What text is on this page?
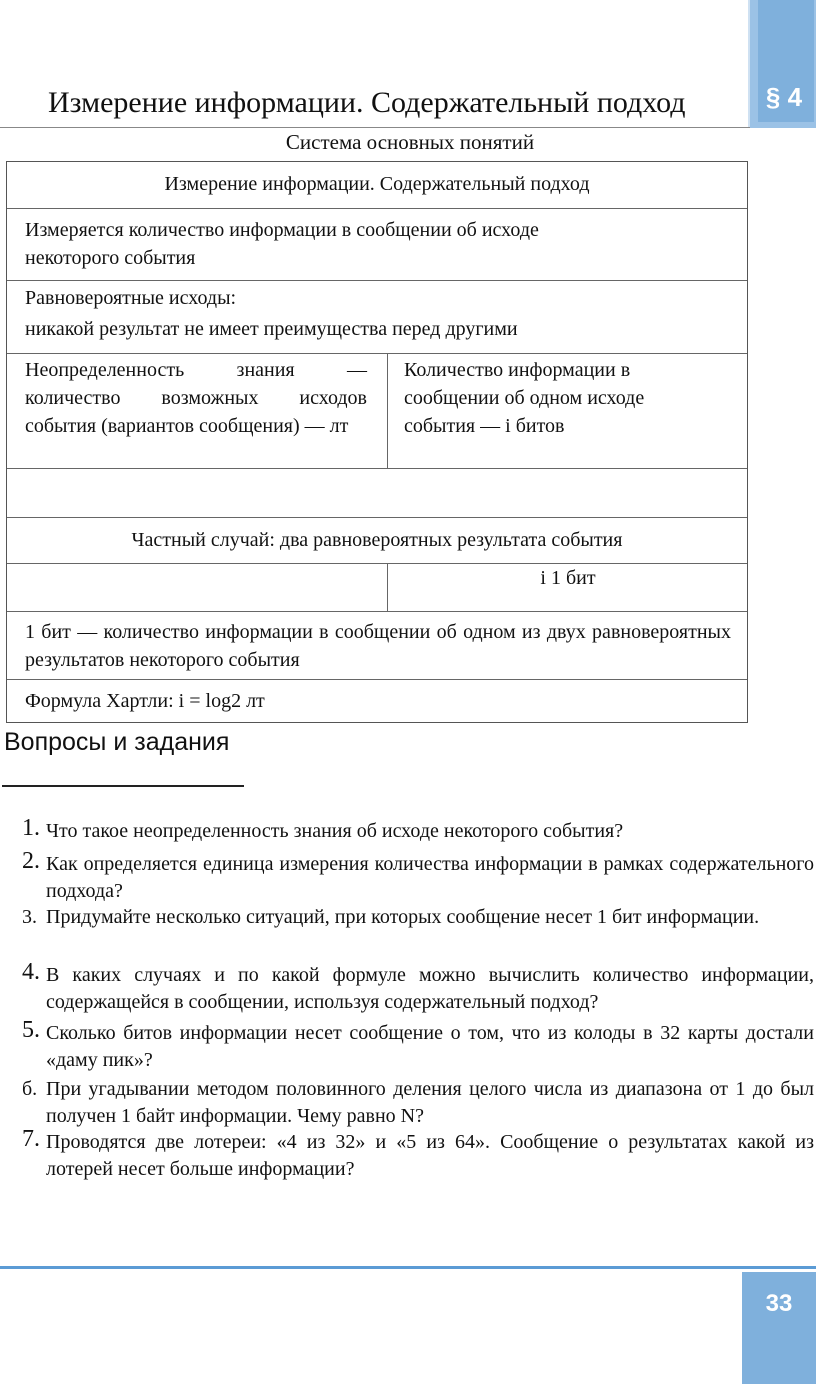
§ 4
Измерение информации. Содержательный подход
Система основных понятий
Измерение информации. Содержательный подход
Измеряется количество информации в сообщении об исходе некоторого события
Равновероятные исходы:
никакой результат не имеет преимущества перед другими
Неопределенность знания — количество возможных исходов события (вариантов сообщения) — лт
Количество информации в сообщении об одном исходе события — i битов
Частный случай: два равновероятных результата события
i 1 бит
1 бит — количество информации в сообщении об одном из двух равновероятных результатов некоторого события
Формула Хартли: i = log2 лт
Вопросы и задания
1. Что такое неопределенность знания об исходе некоторого события?
2. Как определяется единица измерения количества информации в рамках содержательного подхода?
3. Придумайте несколько ситуаций, при которых сообщение несет 1 бит информации.
4. В каких случаях и по какой формуле можно вычислить количество информации, содержащейся в сообщении, используя содержательный подход?
5. Сколько битов информации несет сообщение о том, что из колоды в 32 карты достали «даму пик»?
б. При угадывании методом половинного деления целого числа из диапазона от 1 до был получен 1 байт информации. Чему равно N?
7. Проводятся две лотереи: «4 из 32» и «5 из 64». Сообщение о результатах какой из лотерей несет больше информации?
33
